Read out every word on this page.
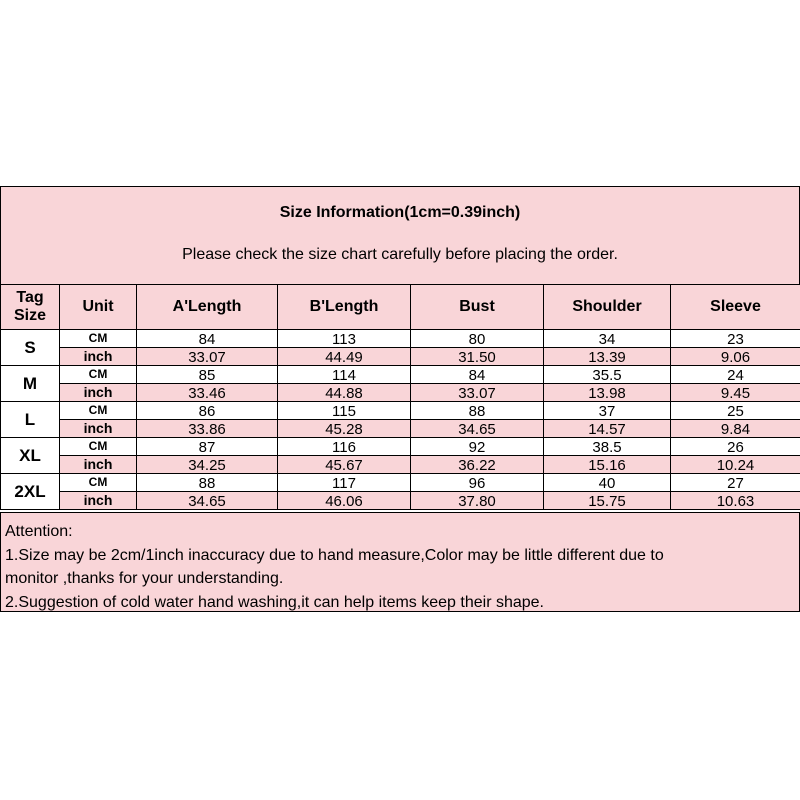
Size Information(1cm=0.39inch)
Please check the size chart carefully before placing the order.
Tag Size	Unit	A'Length	B'Length	Bust	Shoulder	Sleeve
S	CM	84	113	80	34	23
	inch	33.07	44.49	31.50	13.39	9.06
M	CM	85	114	84	35.5	24
	inch	33.46	44.88	33.07	13.98	9.45
L	CM	86	115	88	37	25
	inch	33.86	45.28	34.65	14.57	9.84
XL	CM	87	116	92	38.5	26
	inch	34.25	45.67	36.22	15.16	10.24
2XL	CM	88	117	96	40	27
	inch	34.65	46.06	37.80	15.75	10.63
Attention:
1.Size may be 2cm/1inch inaccuracy due to hand measure,Color may be little different due to
monitor ,thanks for your understanding.
2.Suggestion of cold water hand washing,it can help items keep their shape.
